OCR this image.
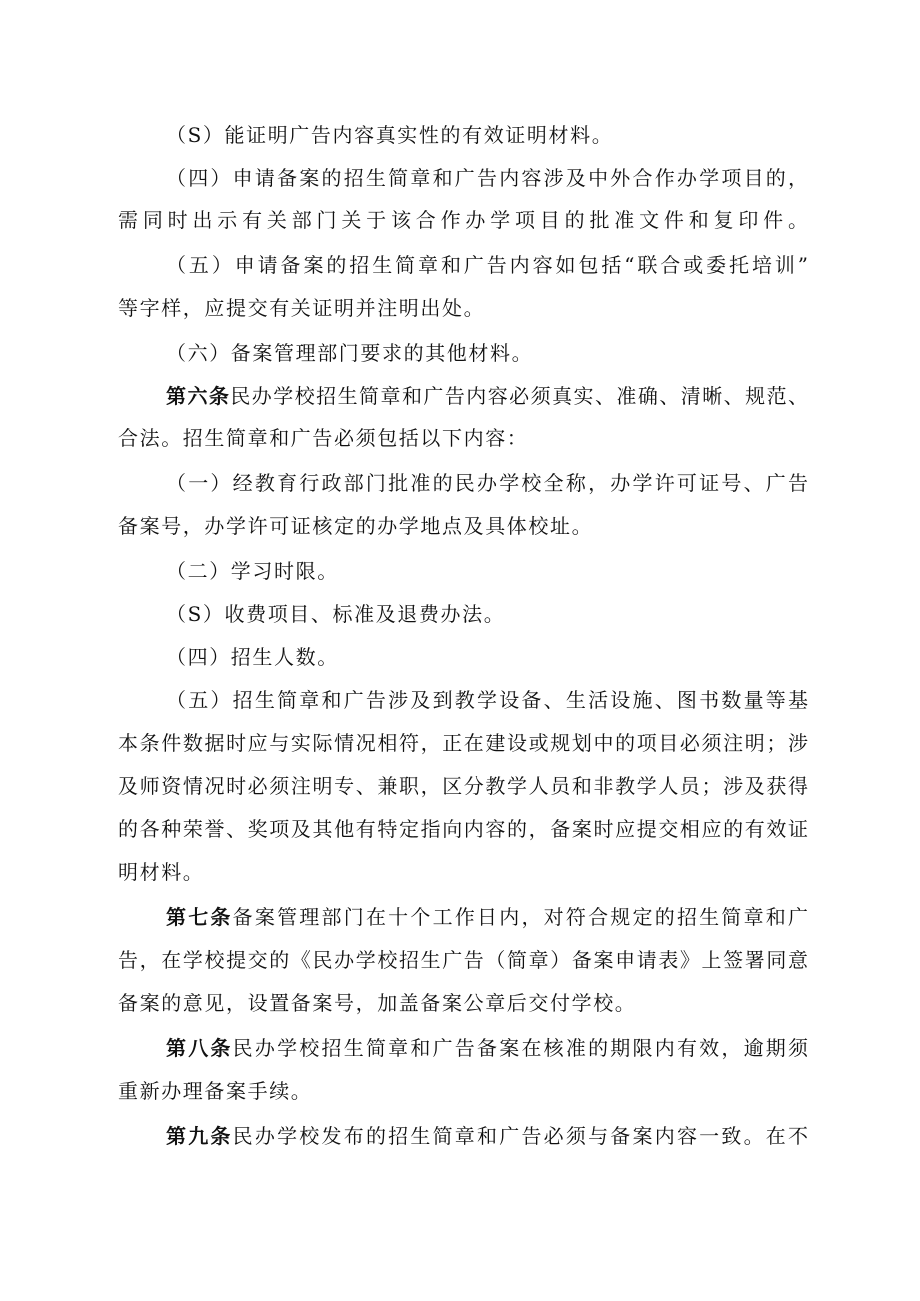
（S）能证明广告内容真实性的有效证明材料。
（四）申请备案的招生简章和广告内容涉及中外合作办学项目的，
需同时出示有关部门关于该合作办学项目的批准文件和复印件。
（五）申请备案的招生简章和广告内容如包括“联合或委托培训”
等字样，应提交有关证明并注明出处。
（六）备案管理部门要求的其他材料。
第六条民办学校招生简章和广告内容必须真实、准确、清晰、规范、
合法。招生简章和广告必须包括以下内容：
（一）经教育行政部门批准的民办学校全称，办学许可证号、广告
备案号，办学许可证核定的办学地点及具体校址。
（二）学习时限。
（S）收费项目、标准及退费办法。
（四）招生人数。
（五）招生简章和广告涉及到教学设备、生活设施、图书数量等基
本条件数据时应与实际情况相符，正在建设或规划中的项目必须注明；涉
及师资情况时必须注明专、兼职，区分教学人员和非教学人员；涉及获得
的各种荣誉、奖项及其他有特定指向内容的，备案时应提交相应的有效证
明材料。
第七条备案管理部门在十个工作日内，对符合规定的招生简章和广
告，在学校提交的《民办学校招生广告（简章）备案申请表》上签署同意
备案的意见，设置备案号，加盖备案公章后交付学校。
第八条民办学校招生简章和广告备案在核准的期限内有效，逾期须
重新办理备案手续。
第九条民办学校发布的招生简章和广告必须与备案内容一致。在不
